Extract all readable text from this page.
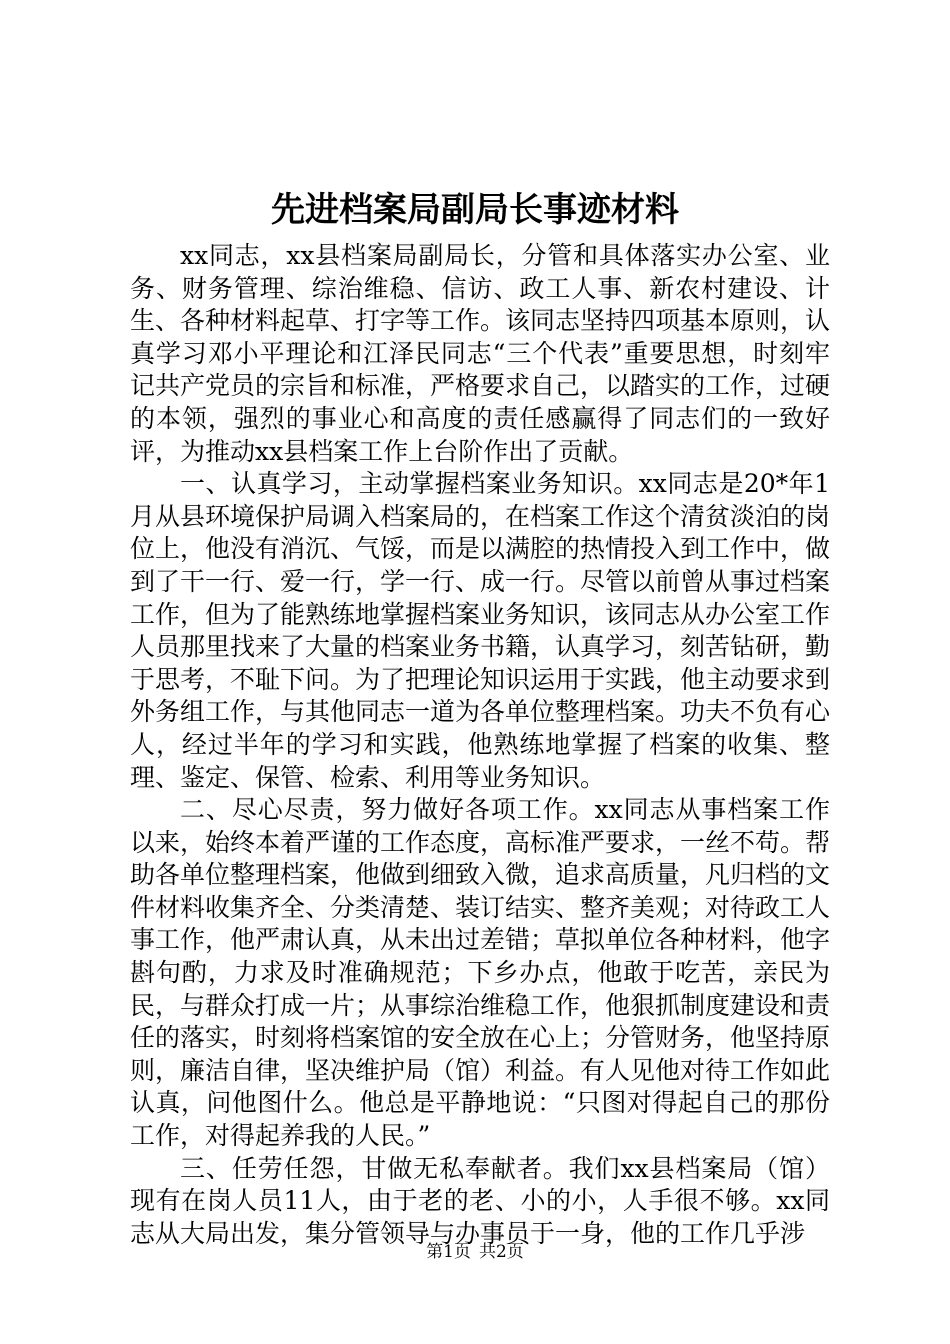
先进档案局副局长事迹材料

xx同志，xx县档案局副局长，分管和具体落实办公室、业务、财务管理、综治维稳、信访、政工人事、新农村建设、计生、各种材料起草、打字等工作。该同志坚持四项基本原则，认真学习邓小平理论和江泽民同志“三个代表”重要思想，时刻牢记共产党员的宗旨和标准，严格要求自己，以踏实的工作，过硬的本领，强烈的事业心和高度的责任感赢得了同志们的一致好评，为推动xx县档案工作上台阶作出了贡献。

一、认真学习，主动掌握档案业务知识。xx同志是20*年1月从县环境保护局调入档案局的，在档案工作这个清贫淡泊的岗位上，他没有消沉、气馁，而是以满腔的热情投入到工作中，做到了干一行、爱一行，学一行、成一行。尽管以前曾从事过档案工作，但为了能熟练地掌握档案业务知识，该同志从办公室工作人员那里找来了大量的档案业务书籍，认真学习，刻苦钻研，勤于思考，不耻下问。为了把理论知识运用于实践，他主动要求到外务组工作，与其他同志一道为各单位整理档案。功夫不负有心人，经过半年的学习和实践，他熟练地掌握了档案的收集、整理、鉴定、保管、检索、利用等业务知识。

二、尽心尽责，努力做好各项工作。xx同志从事档案工作以来，始终本着严谨的工作态度，高标准严要求，一丝不苟。帮助各单位整理档案，他做到细致入微，追求高质量，凡归档的文件材料收集齐全、分类清楚、装订结实、整齐美观；对待政工人事工作，他严肃认真，从未出过差错；草拟单位各种材料，他字斟句酌，力求及时准确规范；下乡办点，他敢于吃苦，亲民为民，与群众打成一片；从事综治维稳工作，他狠抓制度建设和责任的落实，时刻将档案馆的安全放在心上；分管财务，他坚持原则，廉洁自律，坚决维护局（馆）利益。有人见他对待工作如此认真，问他图什么。他总是平静地说：“只图对得起自己的那份工作，对得起养我的人民。”

三、任劳任怨，甘做无私奉献者。我们xx县档案局（馆）现有在岗人员11人，由于老的老、小的小，人手很不够。xx同志从大局出发，集分管领导与办事员于一身，他的工作几乎涉

第1页 共2页
